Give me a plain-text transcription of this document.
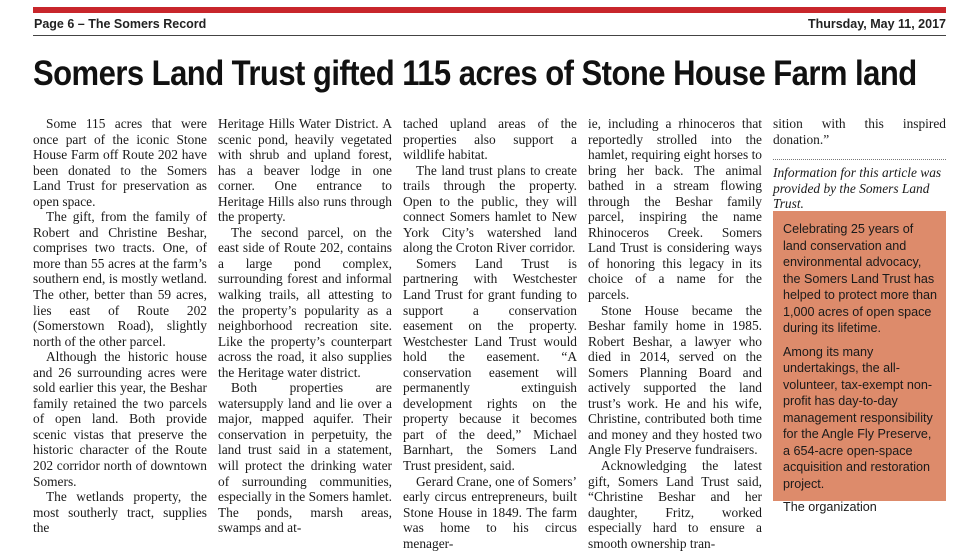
Page 6 – The Somers Record	Thursday, May 11, 2017
Somers Land Trust gifted 115 acres of Stone House Farm land

Some 115 acres that were once part of the iconic Stone House Farm off Route 202 have been donated to the Somers Land Trust for preservation as open space.

The gift, from the family of Robert and Christine Beshar, comprises two tracts. One, of more than 55 acres at the farm’s southern end, is mostly wetland. The other, better than 59 acres, lies east of Route 202 (Somerstown Road), slightly north of the other parcel.

Although the historic house and 26 surrounding acres were sold earlier this year, the Beshar family retained the two parcels of open land. Both provide scenic vistas that preserve the historic character of the Route 202 corridor north of downtown Somers.

The wetlands property, the most southerly tract, supplies the

Heritage Hills Water District. A scenic pond, heavily vegetated with shrub and upland forest, has a beaver lodge in one corner. One entrance to Heritage Hills also runs through the property.

The second parcel, on the east side of Route 202, contains a large pond complex, surrounding forest and informal walking trails, all attesting to the property’s popularity as a neighborhood recreation site. Like the property’s counterpart across the road, it also supplies the Heritage water district.

Both properties are watersupply land and lie over a major, mapped aquifer. Their conservation in perpetuity, the land trust said in a statement, will protect the drinking water of surrounding communities, especially in the Somers hamlet. The ponds, marsh areas, swamps and at-

tached upland areas of the properties also support a wildlife habitat.

The land trust plans to create trails through the property. Open to the public, they will connect Somers hamlet to New York City’s watershed land along the Croton River corridor.

Somers Land Trust is partnering with Westchester Land Trust for grant funding to support a conservation easement on the property. Westchester Land Trust would hold the easement. “A conservation easement will permanently extinguish development rights on the property because it becomes part of the deed,” Michael Barnhart, the Somers Land Trust president, said.

Gerard Crane, one of Somers’ early circus entrepreneurs, built Stone House in 1849. The farm was home to his circus menager-

ie, including a rhinoceros that reportedly strolled into the hamlet, requiring eight horses to bring her back. The animal bathed in a stream flowing through the Beshar family parcel, inspiring the name Rhinoceros Creek. Somers Land Trust is considering ways of honoring this legacy in its choice of a name for the parcels.

Stone House became the Beshar family home in 1985. Robert Beshar, a lawyer who died in 2014, served on the Somers Planning Board and actively supported the land trust’s work. He and his wife, Christine, contributed both time and money and they hosted two Angle Fly Preserve fundraisers.

Acknowledging the latest gift, Somers Land Trust said, “Christine Beshar and her daughter, Fritz, worked especially hard to ensure a smooth ownership tran-

sition with this inspired donation.”

Information for this article was provided by the Somers Land Trust.

Celebrating 25 years of land conservation and environmental advocacy, the Somers Land Trust has helped to protect more than 1,000 acres of open space during its lifetime.

Among its many undertakings, the all-volunteer, tax-exempt non-profit has day-to-day management responsibility for the Angle Fly Preserve, a 654-acre open-space acquisition and restoration project.

The organization
